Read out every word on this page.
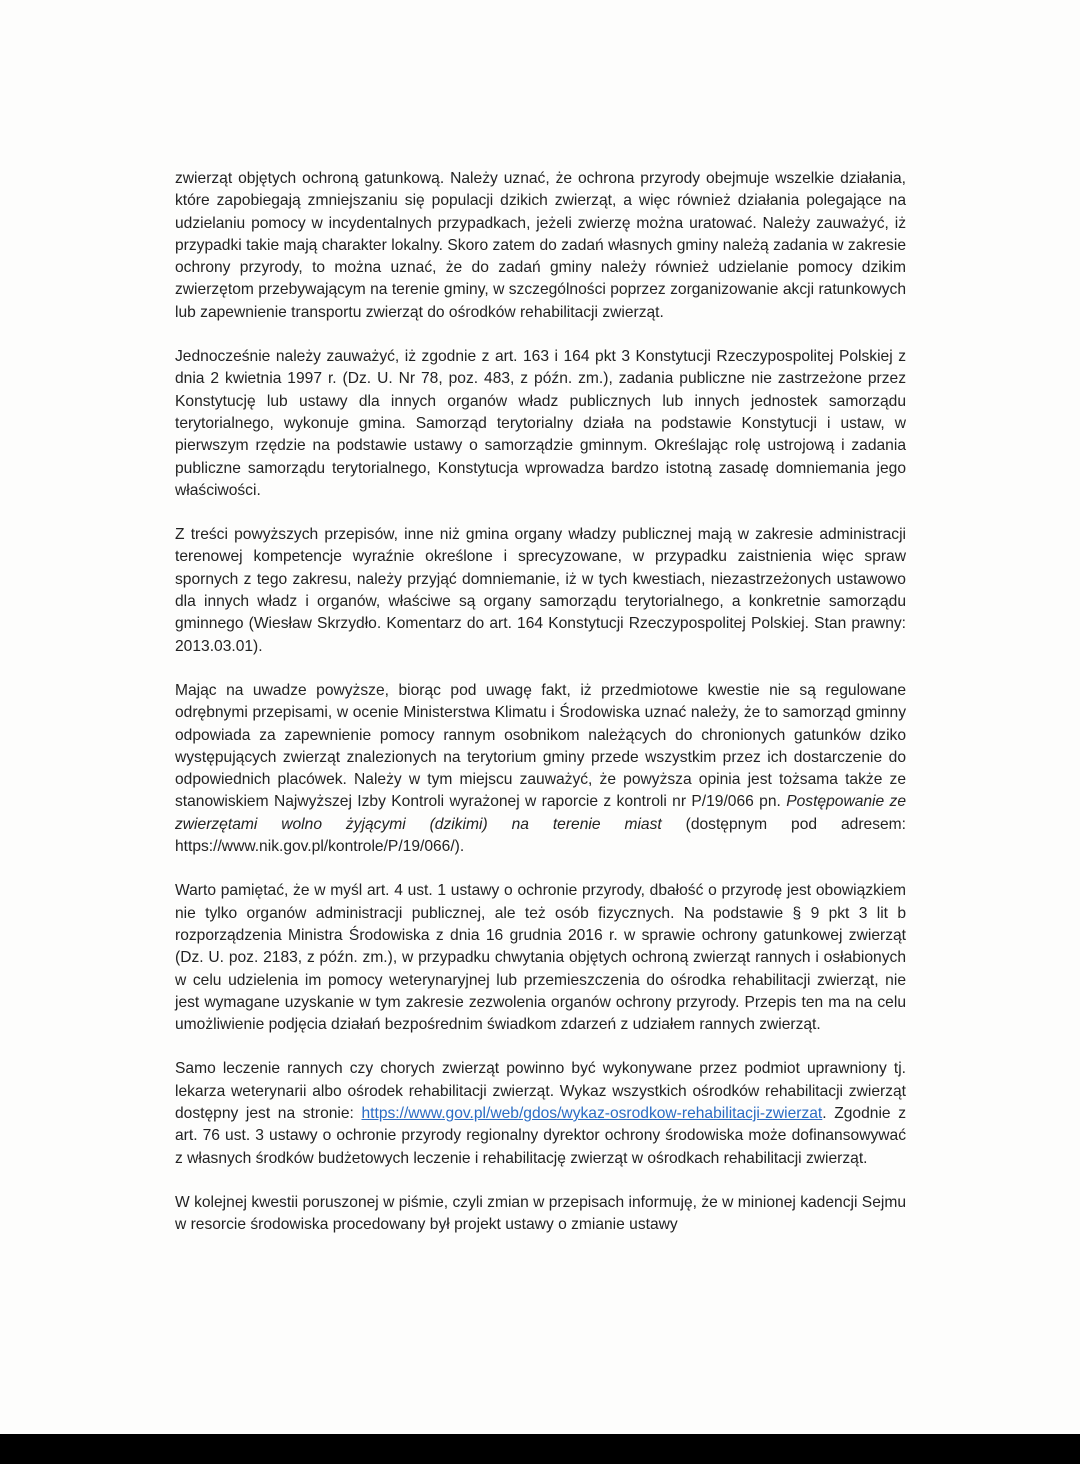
zwierząt objętych ochroną gatunkową. Należy uznać, że ochrona przyrody obejmuje wszelkie działania, które zapobiegają zmniejszaniu się populacji dzikich zwierząt, a więc również działania polegające na udzielaniu pomocy w incydentalnych przypadkach, jeżeli zwierzę można uratować. Należy zauważyć, iż przypadki takie mają charakter lokalny. Skoro zatem do zadań własnych gminy należą zadania w zakresie ochrony przyrody, to można uznać, że do zadań gminy należy również udzielanie pomocy dzikim zwierzętom przebywającym na terenie gminy, w szczególności poprzez zorganizowanie akcji ratunkowych lub zapewnienie transportu zwierząt do ośrodków rehabilitacji zwierząt.

Jednocześnie należy zauważyć, iż zgodnie z art. 163 i 164 pkt 3 Konstytucji Rzeczypospolitej Polskiej z dnia 2 kwietnia 1997 r. (Dz. U. Nr 78, poz. 483, z późn. zm.), zadania publiczne nie zastrzeżone przez Konstytucję lub ustawy dla innych organów władz publicznych lub innych jednostek samorządu terytorialnego, wykonuje gmina. Samorząd terytorialny działa na podstawie Konstytucji i ustaw, w pierwszym rzędzie na podstawie ustawy o samorządzie gminnym. Określając rolę ustrojową i zadania publiczne samorządu terytorialnego, Konstytucja wprowadza bardzo istotną zasadę domniemania jego właściwości.

Z treści powyższych przepisów, inne niż gmina organy władzy publicznej mają w zakresie administracji terenowej kompetencje wyraźnie określone i sprecyzowane, w przypadku zaistnienia więc spraw spornych z tego zakresu, należy przyjąć domniemanie, iż w tych kwestiach, niezastrzeżonych ustawowo dla innych władz i organów, właściwe są organy samorządu terytorialnego, a konkretnie samorządu gminnego (Wiesław Skrzydło. Komentarz do art. 164 Konstytucji Rzeczypospolitej Polskiej. Stan prawny: 2013.03.01).

Mając na uwadze powyższe, biorąc pod uwagę fakt, iż przedmiotowe kwestie nie są regulowane odrębnymi przepisami, w ocenie Ministerstwa Klimatu i Środowiska uznać należy, że to samorząd gminny odpowiada za zapewnienie pomocy rannym osobnikom należących do chronionych gatunków dziko występujących zwierząt znalezionych na terytorium gminy przede wszystkim przez ich dostarczenie do odpowiednich placówek. Należy w tym miejscu zauważyć, że powyższa opinia jest tożsama także ze stanowiskiem Najwyższej Izby Kontroli wyrażonej w raporcie z kontroli nr P/19/066 pn. Postępowanie ze zwierzętami wolno żyjącymi (dzikimi) na terenie miast (dostępnym pod adresem: https://www.nik.gov.pl/kontrole/P/19/066/).

Warto pamiętać, że w myśl art. 4 ust. 1 ustawy o ochronie przyrody, dbałość o przyrodę jest obowiązkiem nie tylko organów administracji publicznej, ale też osób fizycznych. Na podstawie § 9 pkt 3 lit b rozporządzenia Ministra Środowiska z dnia 16 grudnia 2016 r. w sprawie ochrony gatunkowej zwierząt (Dz. U. poz. 2183, z późn. zm.), w przypadku chwytania objętych ochroną zwierząt rannych i osłabionych w celu udzielenia im pomocy weterynaryjnej lub przemieszczenia do ośrodka rehabilitacji zwierząt, nie jest wymagane uzyskanie w tym zakresie zezwolenia organów ochrony przyrody. Przepis ten ma na celu umożliwienie podjęcia działań bezpośrednim świadkom zdarzeń z udziałem rannych zwierząt.

Samo leczenie rannych czy chorych zwierząt powinno być wykonywane przez podmiot uprawniony tj. lekarza weterynarii albo ośrodek rehabilitacji zwierząt. Wykaz wszystkich ośrodków rehabilitacji zwierząt dostępny jest na stronie: https://www.gov.pl/web/gdos/wykaz-osrodkow-rehabilitacji-zwierzat. Zgodnie z art. 76 ust. 3 ustawy o ochronie przyrody regionalny dyrektor ochrony środowiska może dofinansowywać z własnych środków budżetowych leczenie i rehabilitację zwierząt w ośrodkach rehabilitacji zwierząt.

W kolejnej kwestii poruszonej w piśmie, czyli zmian w przepisach informuję, że w minionej kadencji Sejmu w resorcie środowiska procedowany był projekt ustawy o zmianie ustawy
